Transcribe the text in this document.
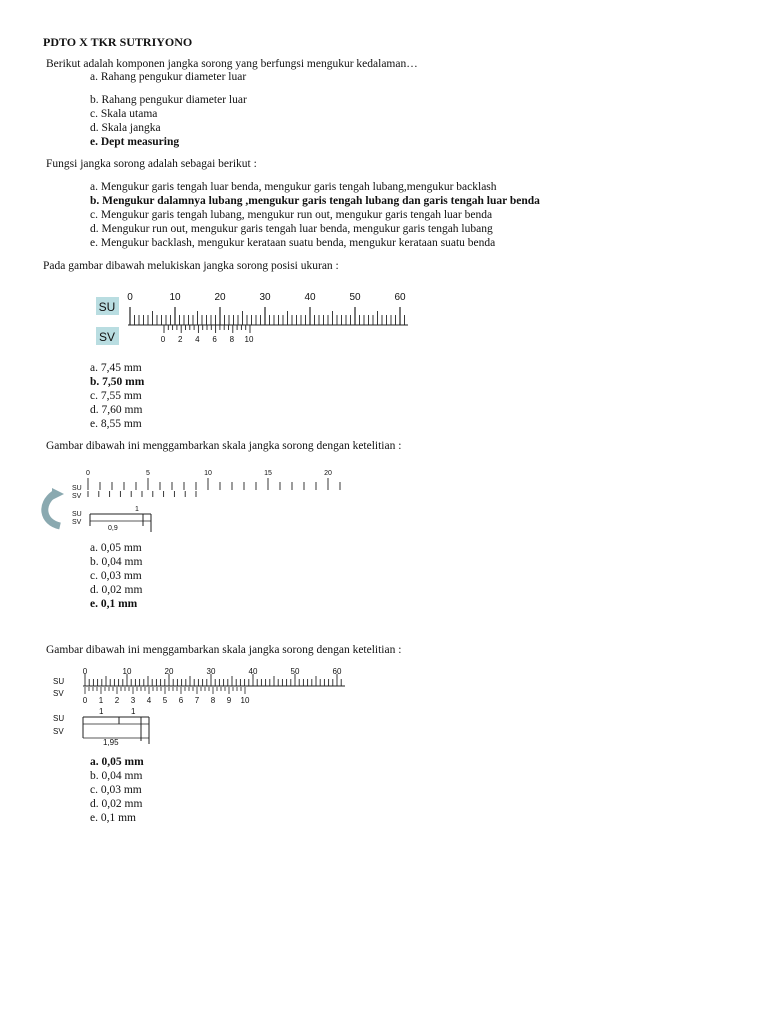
PDTO X TKR SUTRIYONO
Berikut adalah komponen jangka sorong yang berfungsi mengukur kedalaman…
a. Rahang pengukur diameter luar
b. Rahang pengukur diameter luar
c. Skala utama
d. Skala jangka
e. Dept measuring
Fungsi jangka sorong adalah sebagai berikut :
a. Mengukur garis tengah luar benda, mengukur garis tengah lubang,mengukur backlash
b. Mengukur dalamnya lubang ,mengukur garis tengah lubang dan garis tengah luar benda
c. Mengukur garis tengah lubang, mengukur run out, mengukur garis tengah luar benda
d. Mengukur run out, mengukur garis tengah luar benda, mengukur garis tengah lubang
e. Mengukur backlash, mengukur kerataan suatu benda, mengukur kerataan suatu benda
Pada gambar dibawah melukiskan jangka sorong posisi ukuran :
SU
SV
0	10	20	30	40	50	60
0 2 4 6 8 10
a. 7,45 mm
b. 7,50 mm
c. 7,55 mm
d. 7,60 mm
e. 8,55 mm
Gambar dibawah ini menggambarkan skala jangka sorong dengan ketelitian :
SU
SV
SU
SV
0	5	10	15	20
1
0,9
a. 0,05 mm
b. 0,04 mm
c. 0,03 mm
d. 0,02 mm
e. 0,1 mm
Gambar dibawah ini menggambarkan skala jangka sorong dengan ketelitian :
SU
SV
SU
SV
0	10	20	30	40	50	60
0 1 2 3 4 5 6 7 8 9 10
1	1
1,95
a. 0,05 mm
b. 0,04 mm
c. 0,03 mm
d. 0,02 mm
e. 0,1 mm
